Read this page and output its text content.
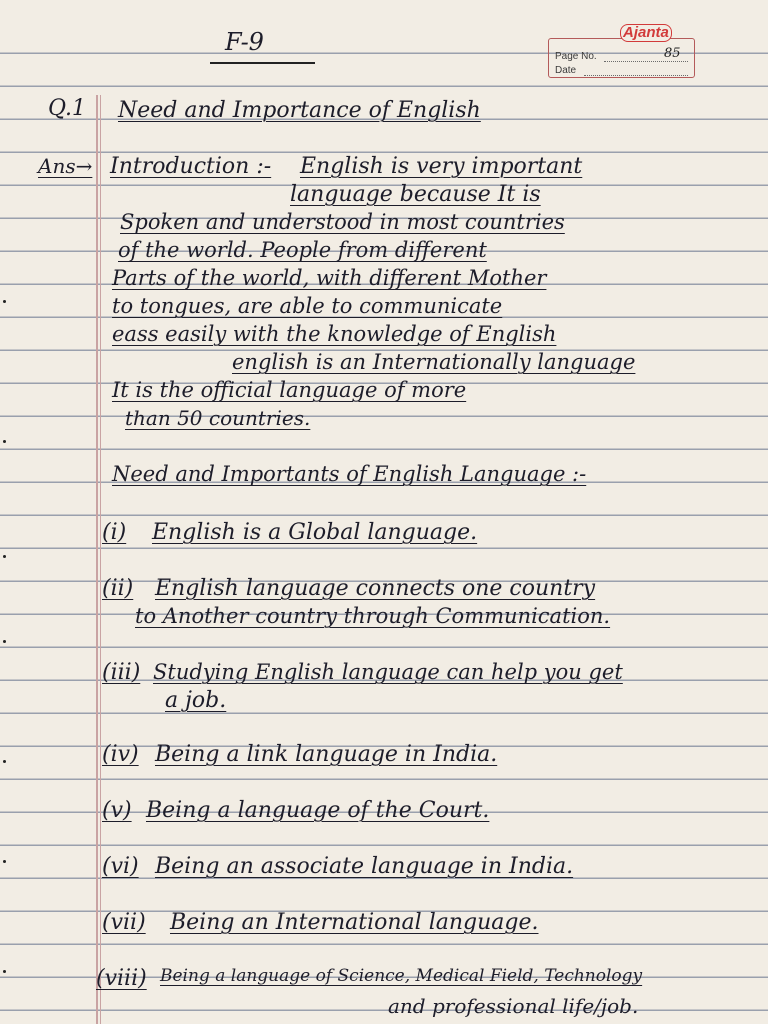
F-9
Page No.
Date
85
Ajanta
Q.1 Need and Importance of English
Ans→ Introduction :- English is very important
language because It is
Spoken and understood in most countries
of the world. People from different
Parts of the world, with different Mother
to tongues, are able to communicate
eass easily with the knowledge of English
english is an Internationally language
It is the official language of more
than 50 countries.
Need and Importants of English Language :-
(i) English is a Global language.
(ii) English language connects one country
to Another country through Communication.
(iii) Studying English language can help you get
a job.
(iv) Being a link language in India.
(v) Being a language of the Court.
(vi) Being an associate language in India.
(vii) Being an International language.
(viii) Being a language of Science, Medical Field, Technology
and professional life/job.
